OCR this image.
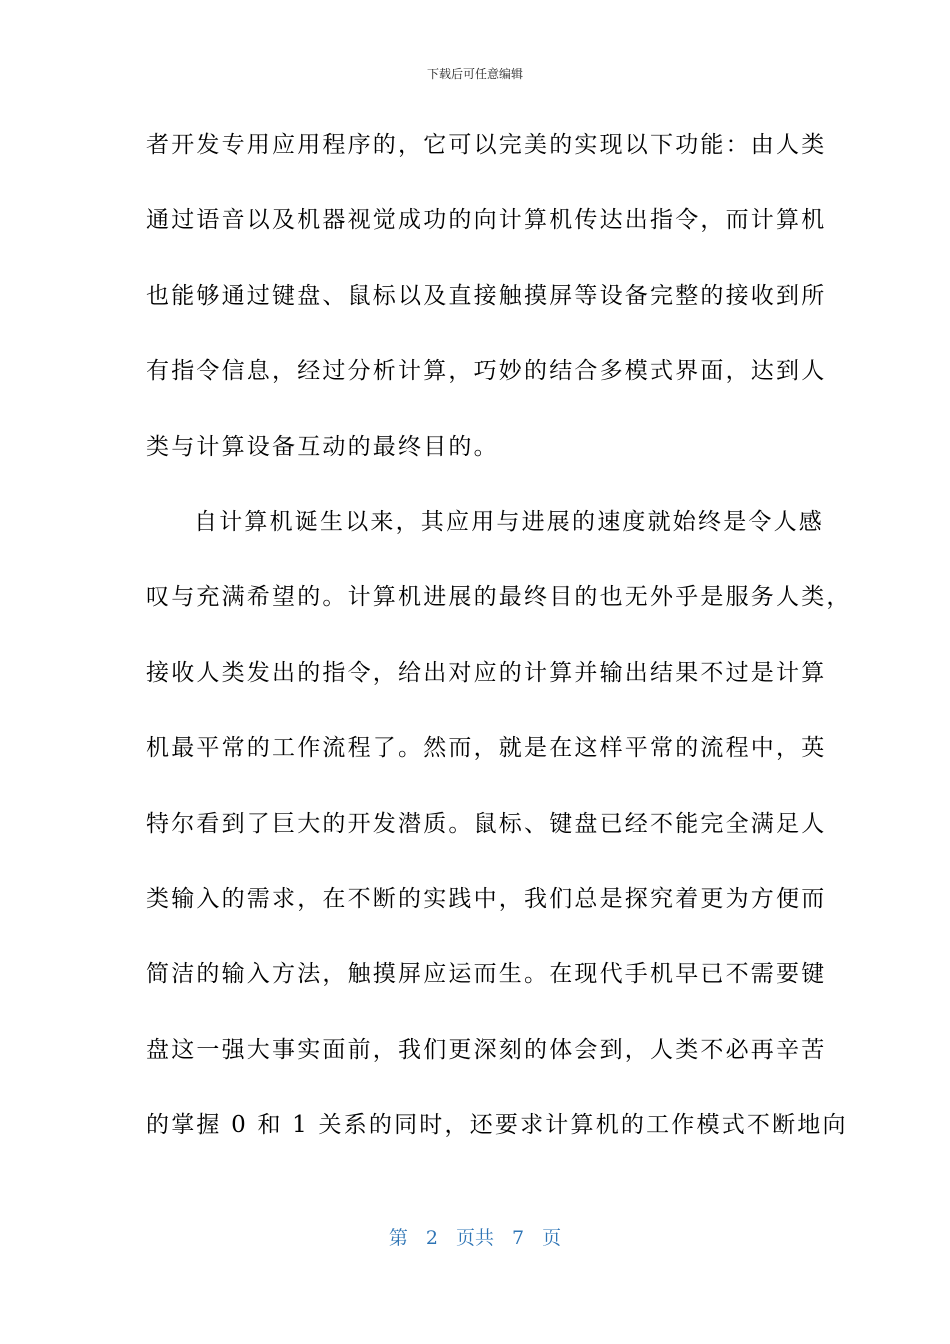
下载后可任意编辑
者开发专用应用程序的，它可以完美的实现以下功能：由人类
通过语音以及机器视觉成功的向计算机传达出指令，而计算机
也能够通过键盘、鼠标以及直接触摸屏等设备完整的接收到所
有指令信息，经过分析计算，巧妙的结合多模式界面，达到人
类与计算设备互动的最终目的。
自计算机诞生以来，其应用与进展的速度就始终是令人感
叹与充满希望的。计算机进展的最终目的也无外乎是服务人类，
接收人类发出的指令，给出对应的计算并输出结果不过是计算
机最平常的工作流程了。然而，就是在这样平常的流程中，英
特尔看到了巨大的开发潜质。鼠标、键盘已经不能完全满足人
类输入的需求，在不断的实践中，我们总是探究着更为方便而
简洁的输入方法，触摸屏应运而生。在现代手机早已不需要键
盘这一强大事实面前，我们更深刻的体会到，人类不必再辛苦
的掌握 0 和 1 关系的同时，还要求计算机的工作模式不断地向
第 2 页共 7 页
